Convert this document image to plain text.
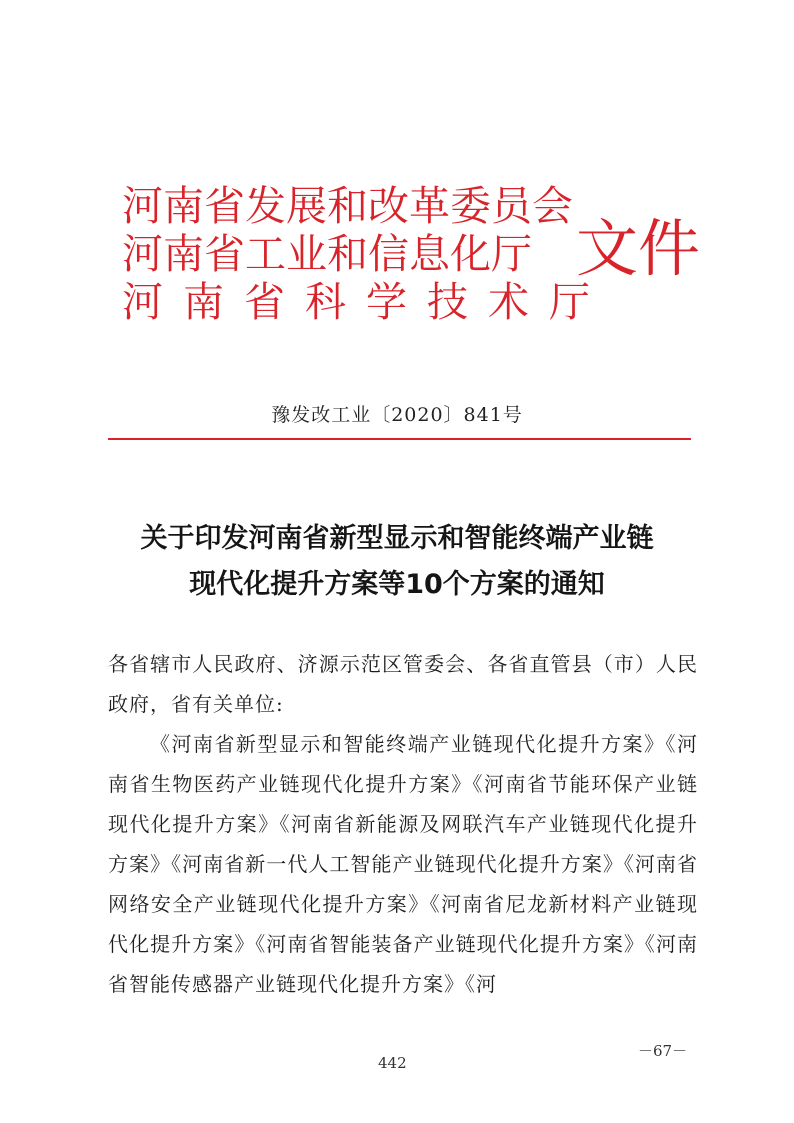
河南省发展和改革委员会
河南省工业和信息化厅
河南省科学技术厅
文件
豫发改工业〔2020〕841号
关于印发河南省新型显示和智能终端产业链
现代化提升方案等10个方案的通知

各省辖市人民政府、济源示范区管委会、各省直管县（市）人民政府，省有关单位:

《河南省新型显示和智能终端产业链现代化提升方案》《河南省生物医药产业链现代化提升方案》《河南省节能环保产业链现代化提升方案》《河南省新能源及网联汽车产业链现代化提升方案》《河南省新一代人工智能产业链现代化提升方案》《河南省网络安全产业链现代化提升方案》《河南省尼龙新材料产业链现代化提升方案》《河南省智能装备产业链现代化提升方案》《河南省智能传感器产业链现代化提升方案》《河

442
－67－
